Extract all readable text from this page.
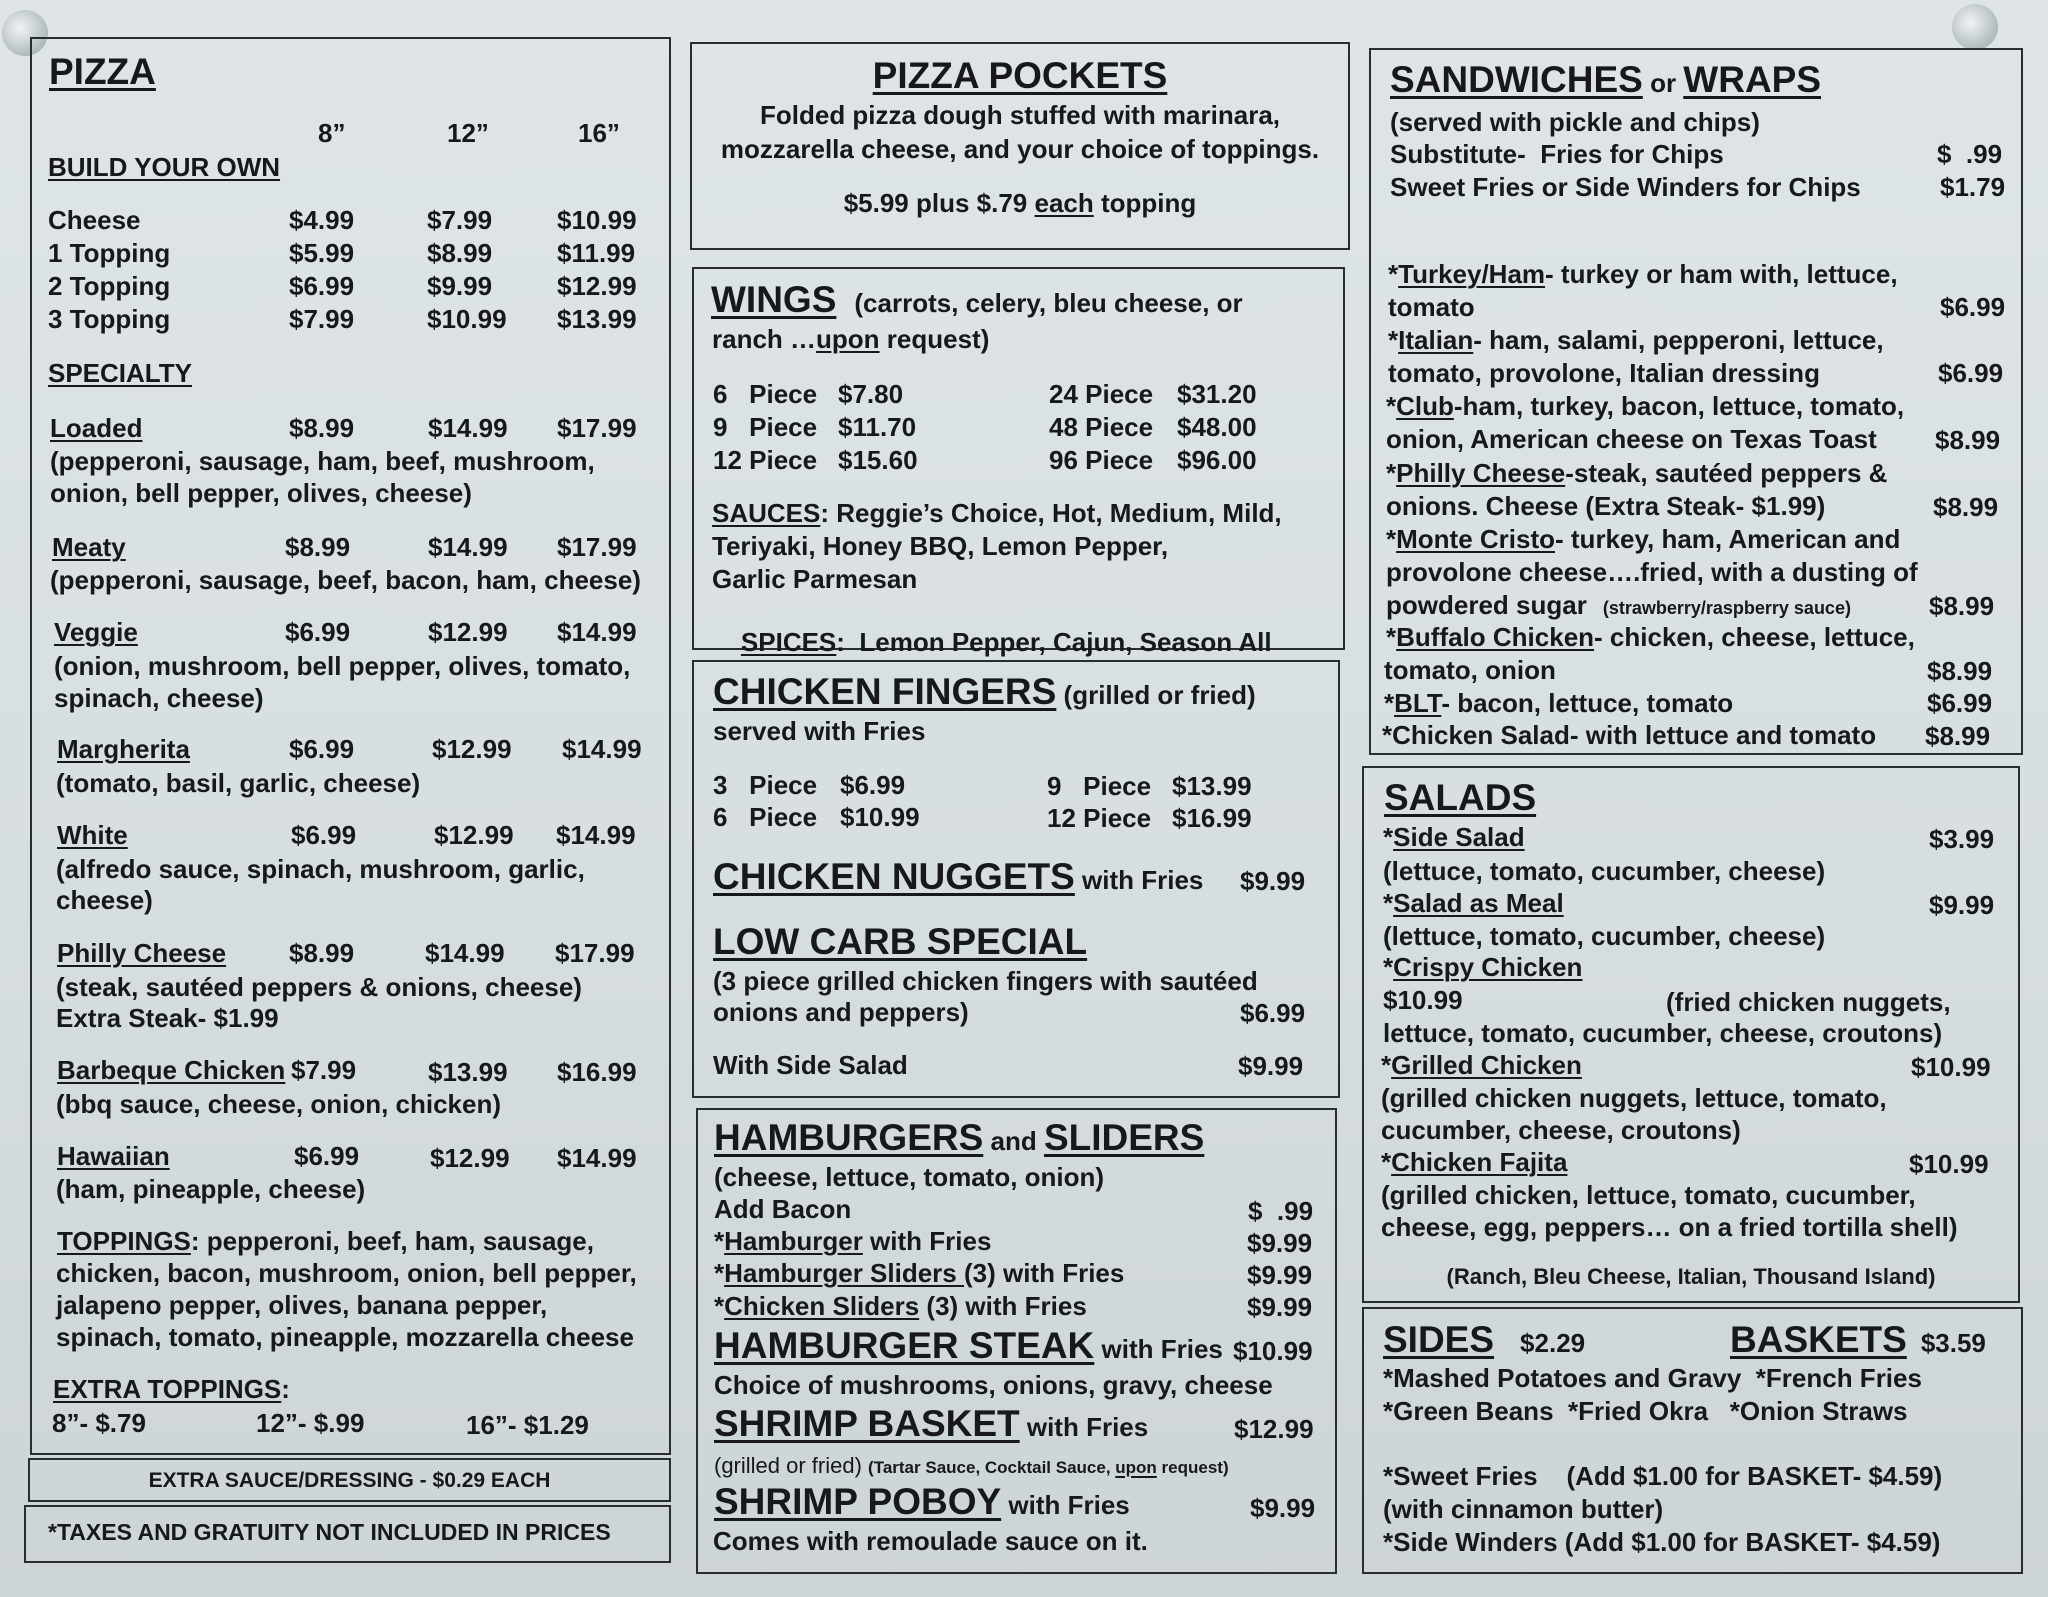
PIZZA
8”	12”	16”
BUILD YOUR OWN
Cheese	$4.99	$7.99 $10.99
1 Topping	$5.99	$8.99 $11.99
2 Topping	$6.99	$9.99 $12.99
3 Topping	$7.99	$10.99 $13.99
SPECIALTY
Loaded	$8.99	$14.99 $17.99
(pepperoni, sausage, ham, beef, mushroom,
onion, bell pepper, olives, cheese)
Meaty	$8.99	$14.99 $17.99
(pepperoni, sausage, beef, bacon, ham, cheese)
Veggie	$6.99	$12.99 $14.99
(onion, mushroom, bell pepper, olives, tomato,
spinach, cheese)
Margherita	$6.99	$12.99 $14.99
(tomato, basil, garlic, cheese)
White	$6.99	$12.99 $14.99
(alfredo sauce, spinach, mushroom, garlic,
cheese)
Philly Cheese $8.99	$14.99 $17.99
(steak, sautéed peppers & onions, cheese)
Extra Steak- $1.99
Barbeque Chicken $7.99	$13.99 $16.99
(bbq sauce, cheese, onion, chicken)
Hawaiian	$6.99	$12.99 $14.99
(ham, pineapple, cheese)
TOPPINGS: pepperoni, beef, ham, sausage,
chicken, bacon, mushroom, onion, bell pepper,
jalapeno pepper, olives, banana pepper,
spinach, tomato, pineapple, mozzarella cheese
EXTRA TOPPINGS:
8”- $.79	12”- $.99	16”- $1.29
EXTRA SAUCE/DRESSING - $0.29 EACH
*TAXES AND GRATUITY NOT INCLUDED IN PRICES
PIZZA POCKETS
Folded pizza dough stuffed with marinara,
mozzarella cheese, and your choice of toppings.
$5.99 plus $.79 each topping
WINGS (carrots, celery, bleu cheese, or
ranch …upon request)
6   Piece $7.80
9   Piece $11.70
12 Piece $15.60
24 Piece $31.20
48 Piece $48.00
96 Piece $96.00
SAUCES: Reggie’s Choice, Hot, Medium, Mild,
Teriyaki, Honey BBQ, Lemon Pepper,
Garlic Parmesan

SPICES:  Lemon Pepper, Cajun, Season All

CHICKEN FINGERS (grilled or fried)
served with Fries
3   Piece $6.99
6   Piece $10.99
9   Piece $13.99
12 Piece $16.99
CHICKEN NUGGETS with Fries $9.99
LOW CARB SPECIAL
(3 piece grilled chicken fingers with sautéed
onions and peppers)	$6.99
With Side Salad	$9.99
HAMBURGERS and SLIDERS
(cheese, lettuce, tomato, onion)
Add Bacon	$  .99
*Hamburger with Fries	$9.99
*Hamburger Sliders (3) with Fries	$9.99
*Chicken Sliders (3) with Fries	$9.99
HAMBURGER STEAK with Fries $10.99
Choice of mushrooms, onions, gravy, cheese
SHRIMP BASKET with Fries	$12.99
(grilled or fried) (Tartar Sauce, Cocktail Sauce, upon request)
SHRIMP POBOY with Fries	$9.99
Comes with remoulade sauce on it.
SANDWICHES or WRAPS
(served with pickle and chips)
Substitute-  Fries for Chips	$  .99
Sweet Fries or Side Winders for Chips	$1.79
*Turkey/Ham- turkey or ham with, lettuce,
tomato	$6.99
*Italian- ham, salami, pepperoni, lettuce,
tomato, provolone, Italian dressing	$6.99
*Club-ham, turkey, bacon, lettuce, tomato,
onion, American cheese on Texas Toast $8.99
*Philly Cheese-steak, sautéed peppers &
onions. Cheese (Extra Steak- $1.99)	$8.99
*Monte Cristo- turkey, ham, American and
provolone cheese….fried, with a dusting of
powdered sugar (strawberry/raspberry sauce)	$8.99
*Buffalo Chicken- chicken, cheese, lettuce,
tomato, onion	$8.99
*BLT- bacon, lettuce, tomato	$6.99
*Chicken Salad- with lettuce and tomato $8.99
SALADS
*Side Salad	$3.99
(lettuce, tomato, cucumber, cheese)
*Salad as Meal	$9.99
(lettuce, tomato, cucumber, cheese)
*Crispy Chicken
$10.99	(fried chicken nuggets,
lettuce, tomato, cucumber, cheese, croutons)
*Grilled Chicken	$10.99
(grilled chicken nuggets, lettuce, tomato,
cucumber, cheese, croutons)
*Chicken Fajita	$10.99
(grilled chicken, lettuce, tomato, cucumber,
cheese, egg, peppers… on a fried tortilla shell)
(Ranch, Bleu Cheese, Italian, Thousand Island)
SIDES $2.29	BASKETS $3.59
*Mashed Potatoes and Gravy  *French Fries
*Green Beans  *Fried Okra   *Onion Straws
*Sweet Fries    (Add $1.00 for BASKET- $4.59)
(with cinnamon butter)
*Side Winders (Add $1.00 for BASKET- $4.59)
